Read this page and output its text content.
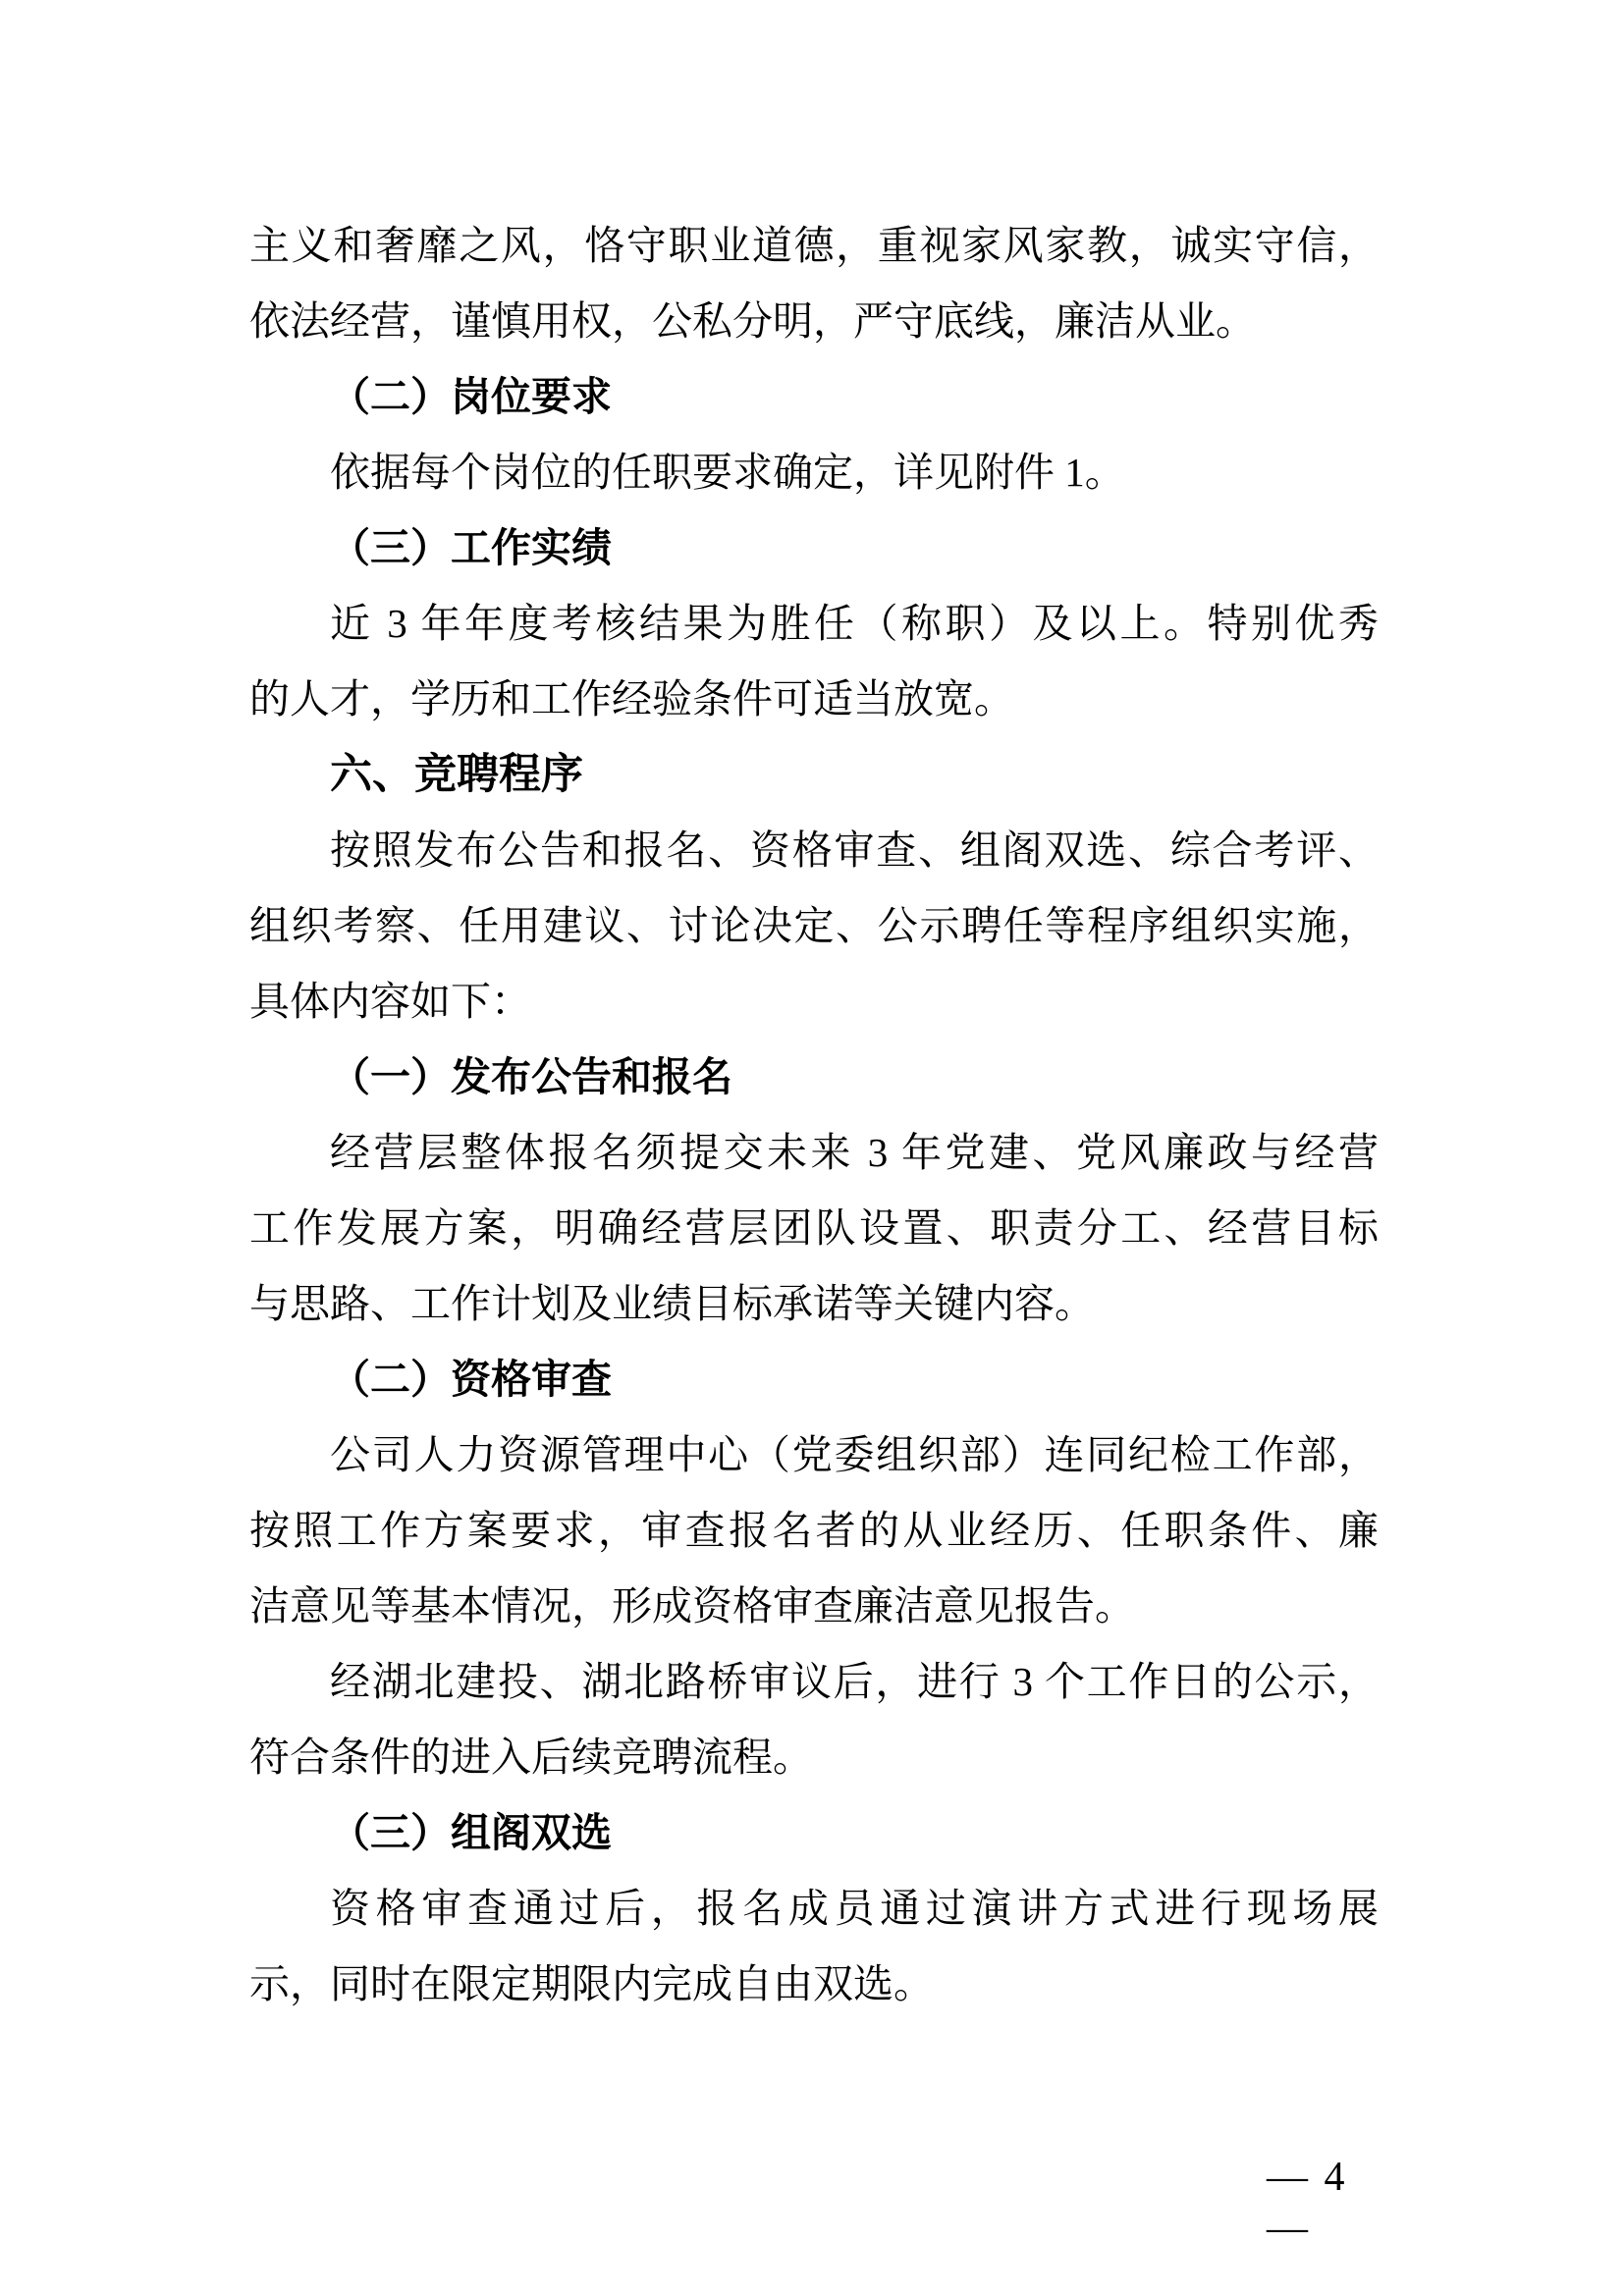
主义和奢靡之风，恪守职业道德，重视家风家教，诚实守信，
依法经营，谨慎用权，公私分明，严守底线，廉洁从业。
（二）岗位要求
依据每个岗位的任职要求确定，详见附件 1。
（三）工作实绩
近 3 年年度考核结果为胜任（称职）及以上。特别优秀
的人才，学历和工作经验条件可适当放宽。
六、竞聘程序
按照发布公告和报名、资格审查、组阁双选、综合考评、
组织考察、任用建议、讨论决定、公示聘任等程序组织实施，
具体内容如下：
（一）发布公告和报名
经营层整体报名须提交未来 3 年党建、党风廉政与经营
工作发展方案，明确经营层团队设置、职责分工、经营目标
与思路、工作计划及业绩目标承诺等关键内容。
（二）资格审查
公司人力资源管理中心（党委组织部）连同纪检工作部，
按照工作方案要求，审查报名者的从业经历、任职条件、廉
洁意见等基本情况，形成资格审查廉洁意见报告。
经湖北建投、湖北路桥审议后，进行 3 个工作日的公示，
符合条件的进入后续竞聘流程。
（三）组阁双选
资格审查通过后，报名成员通过演讲方式进行现场展
示，同时在限定期限内完成自由双选。
— 4 —
